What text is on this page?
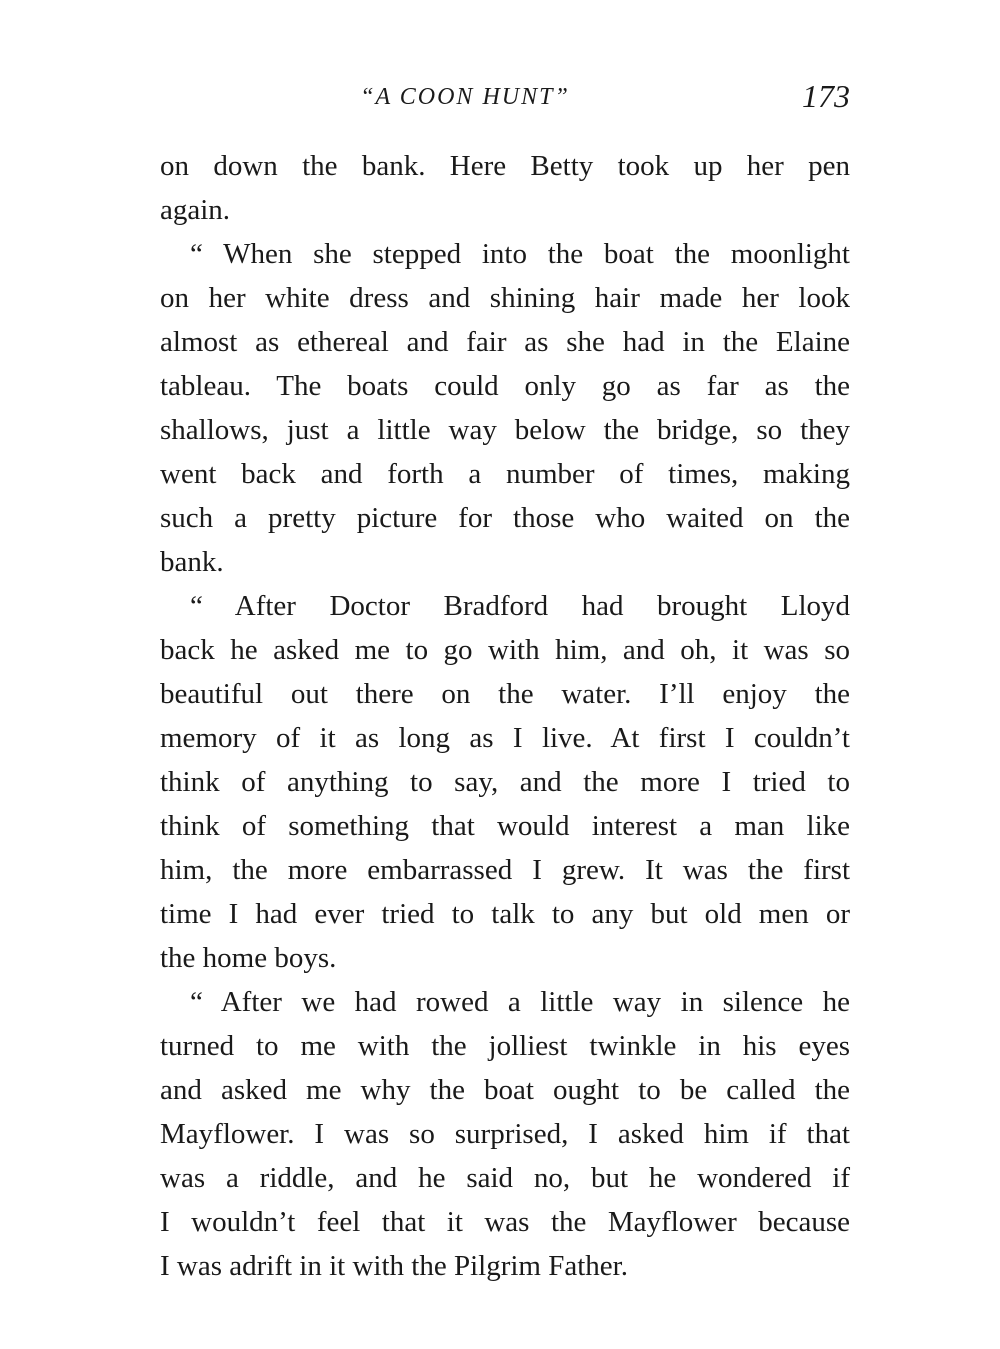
“A COON HUNT”	173
on down the bank. Here Betty took up her pen
again.
“ When she stepped into the boat the moonlight
on her white dress and shining hair made her look
almost as ethereal and fair as she had in the Elaine
tableau. The boats could only go as far as the
shallows, just a little way below the bridge, so they
went back and forth a number of times, making
such a pretty picture for those who waited on the
bank.
“ After Doctor Bradford had brought Lloyd
back he asked me to go with him, and oh, it was so
beautiful out there on the water. I’ll enjoy the
memory of it as long as I live. At first I couldn’t
think of anything to say, and the more I tried to
think of something that would interest a man like
him, the more embarrassed I grew. It was the first
time I had ever tried to talk to any but old men or
the home boys.
“ After we had rowed a little way in silence he
turned to me with the jolliest twinkle in his eyes
and asked me why the boat ought to be called the
Mayflower. I was so surprised, I asked him if that
was a riddle, and he said no, but he wondered if
I wouldn’t feel that it was the Mayflower because
I was adrift in it with the Pilgrim Father.
